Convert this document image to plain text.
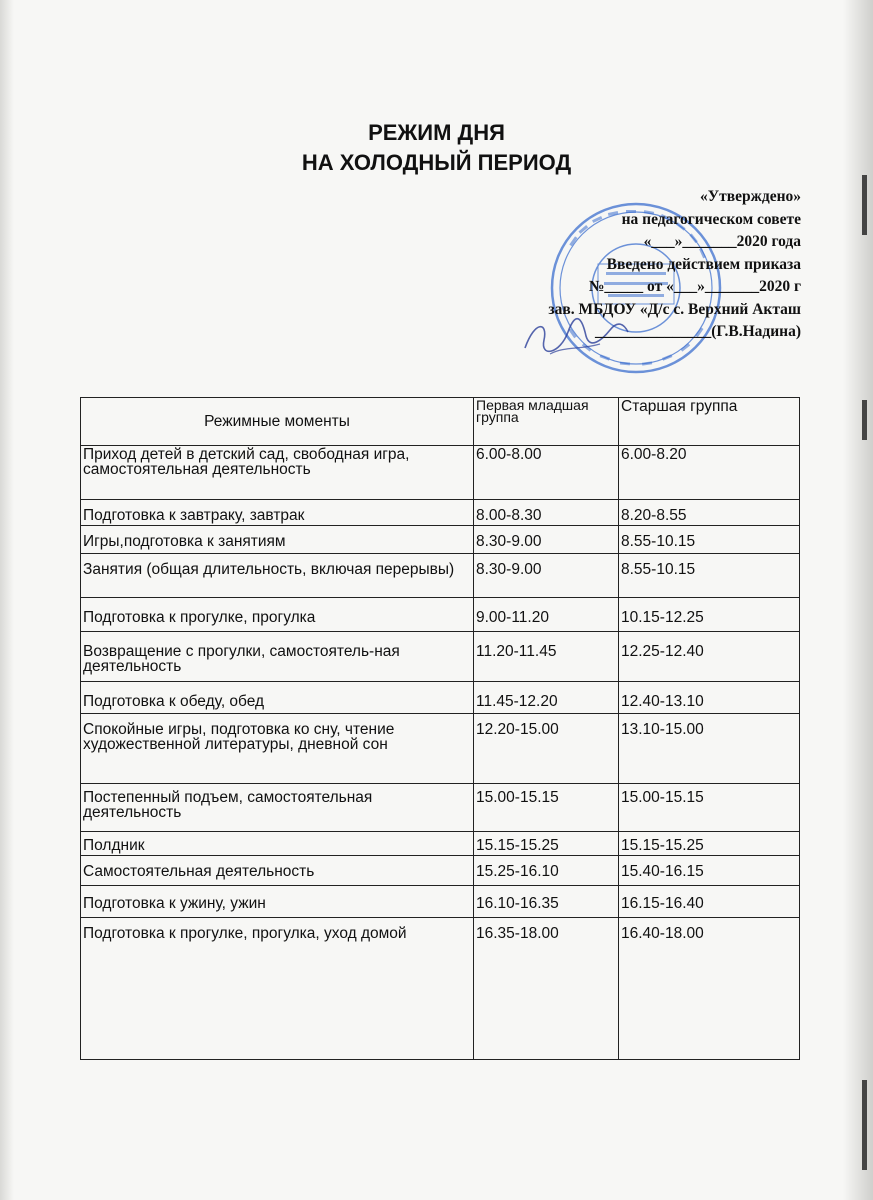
РЕЖИМ ДНЯ
НА ХОЛОДНЫЙ ПЕРИОД
«Утверждено»
на педагогическом совете
«___»_______2020 года
Введено действием приказа
№_____ от «___»_______2020 г
зав. МБДОУ «Д/с с. Верхний Акташ
_______________(Г.В.Надина)
Режимные моменты	Первая младшая группа	Старшая группа
Приход детей в детский сад, свободная игра, самостоятельная деятельность	6.00-8.00	6.00-8.20
Подготовка к завтраку, завтрак	8.00-8.30	8.20-8.55
Игры,подготовка к занятиям	8.30-9.00	8.55-10.15
Занятия (общая длительность, включая перерывы)	8.30-9.00	8.55-10.15
Подготовка к прогулке, прогулка	9.00-11.20	10.15-12.25
Возвращение с прогулки, самостоятель-ная деятельность	11.20-11.45	12.25-12.40
Подготовка к обеду, обед	11.45-12.20	12.40-13.10
Спокойные игры, подготовка ко сну, чтение художественной литературы, дневной сон	12.20-15.00	13.10-15.00
Постепенный подъем, самостоятельная деятельность	15.00-15.15	15.00-15.15
Полдник	15.15-15.25	15.15-15.25
Самостоятельная деятельность	15.25-16.10	15.40-16.15
Подготовка к ужину, ужин	16.10-16.35	16.15-16.40
Подготовка к прогулке, прогулка, уход домой	16.35-18.00	16.40-18.00
